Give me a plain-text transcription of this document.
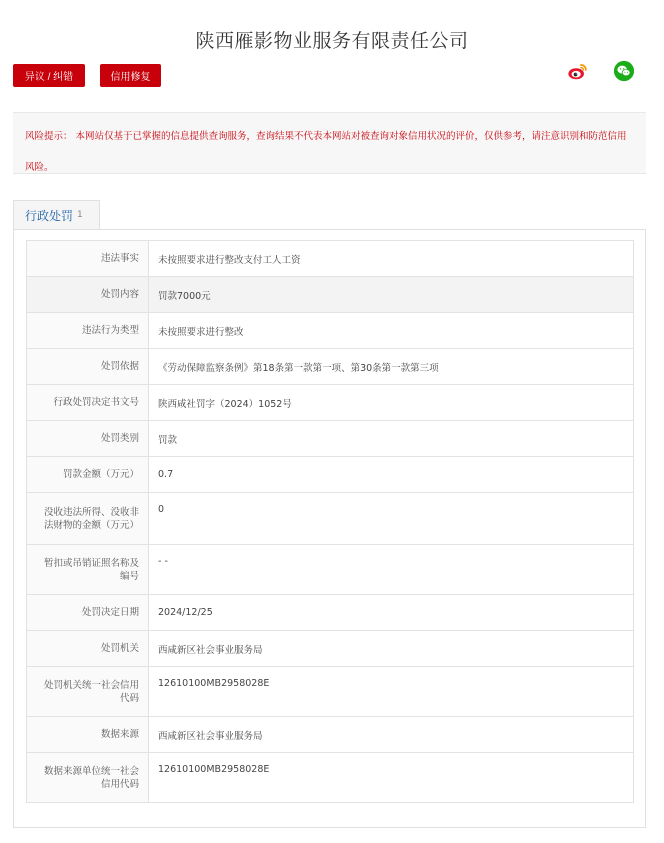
陕西雁影物业服务有限责任公司
异议 / 纠错	信用修复
风险提示： 本网站仅基于已掌握的信息提供查询服务，查询结果不代表本网站对被查询对象信用状况的评价，仅供参考，请注意识别和防范信用风险。
行政处罚 1
违法事实	未按照要求进行整改支付工人工资
处罚内容	罚款7000元
违法行为类型	未按照要求进行整改
处罚依据	《劳动保障监察条例》第18条第一款第一项、第30条第一款第三项
行政处罚决定书文号	陕西咸社罚字（2024）1052号
处罚类别	罚款
罚款金额（万元）	0.7
没收违法所得、没收非法财物的金额（万元）	0
暂扣或吊销证照名称及编号	- -
处罚决定日期	2024/12/25
处罚机关	西咸新区社会事业服务局
处罚机关统一社会信用代码	12610100MB2958028E
数据来源	西咸新区社会事业服务局
数据来源单位统一社会信用代码	12610100MB2958028E
